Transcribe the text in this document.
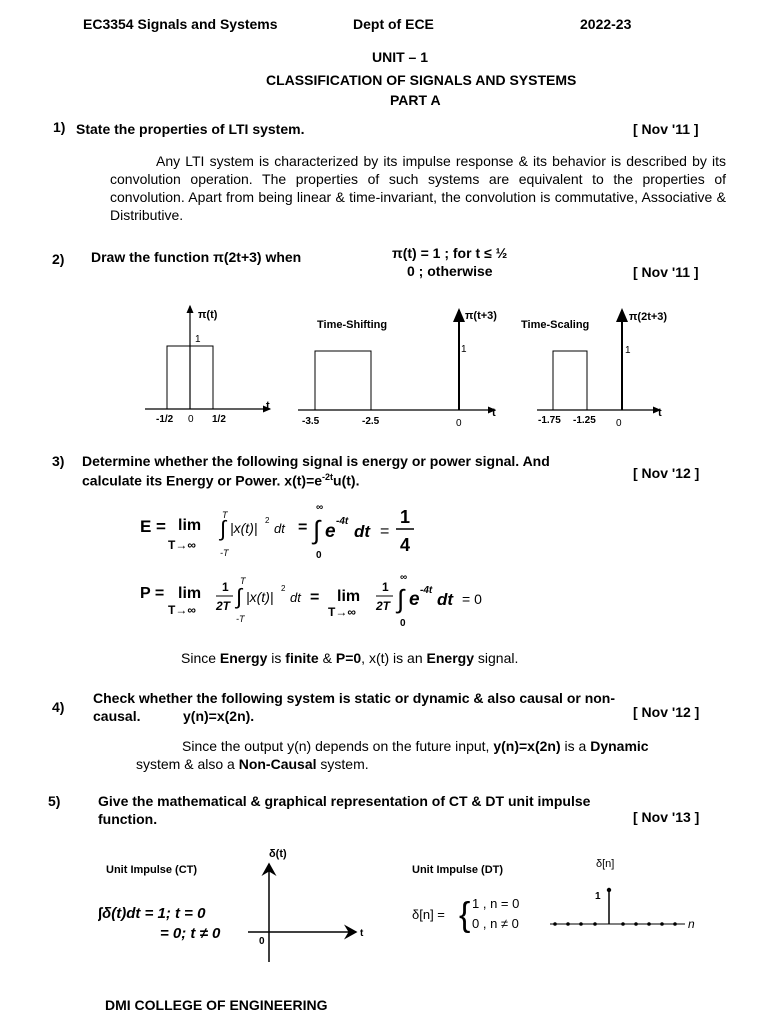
EC3354 Signals and Systems	Dept of ECE	2022-23
UNIT – 1
CLASSIFICATION OF SIGNALS AND SYSTEMS
PART A
1) State the properties of LTI system.	[ Nov '11 ]
Any LTI system is characterized by its impulse response & its behavior is described by its convolution operation. The properties of such systems are equivalent to the properties of convolution. Apart from being linear & time-invariant, the convolution is commutative, Associative & Distributive.
2) Draw the function π(2t+3) when	π(t) = 1 ; for t ≤ ½
0 ; otherwise	[ Nov '11 ]
π(t)
1
t
-1/2 0 1/2
Time-Shifting
π(t+3)
1
t
-3.5	-2.5	0
Time-Scaling
π(2t+3)
1
t
-1.75 -1.25 0
3) Determine whether the following signal is energy or power signal. And
calculate its Energy or Power. $x(t)=e^{-2t}u(t)$.	[ Nov '12 ]
E = lim
T→∞
T
∫
-T
|x(t)| 2
dt =
∞
∫
0
e -4t
dt =
1
4
P = lim
T→∞
1
2T
T
∫
-T
|x(t)|
2
dt = lim
T→∞
1
2T
∞
∫
0
e -4t dt = 0
Since Energy is finite & P=0, x(t) is an Energy signal.
4)
Check whether the following system is static or dynamic & also causal or non-
causal.	y(n)=x(2n).	[ Nov '12 ]
Since the output y(n) depends on the future input, y(n)=x(2n) is a Dynamic
system & also a Non-Causal system.
5)	Give the mathematical & graphical representation of CT & DT unit impulse
function.	[ Nov '13 ]
Unit Impulse (CT)
δ(t)
0
t
∫δ(t)dt = 1; t = 0
= 0; t ≠ 0
Unit Impulse (DT)	δ[n]
δ[n] = { 1 , n = 0
0 , n ≠ 0
1
n
DMI COLLEGE OF ENGINEERING
